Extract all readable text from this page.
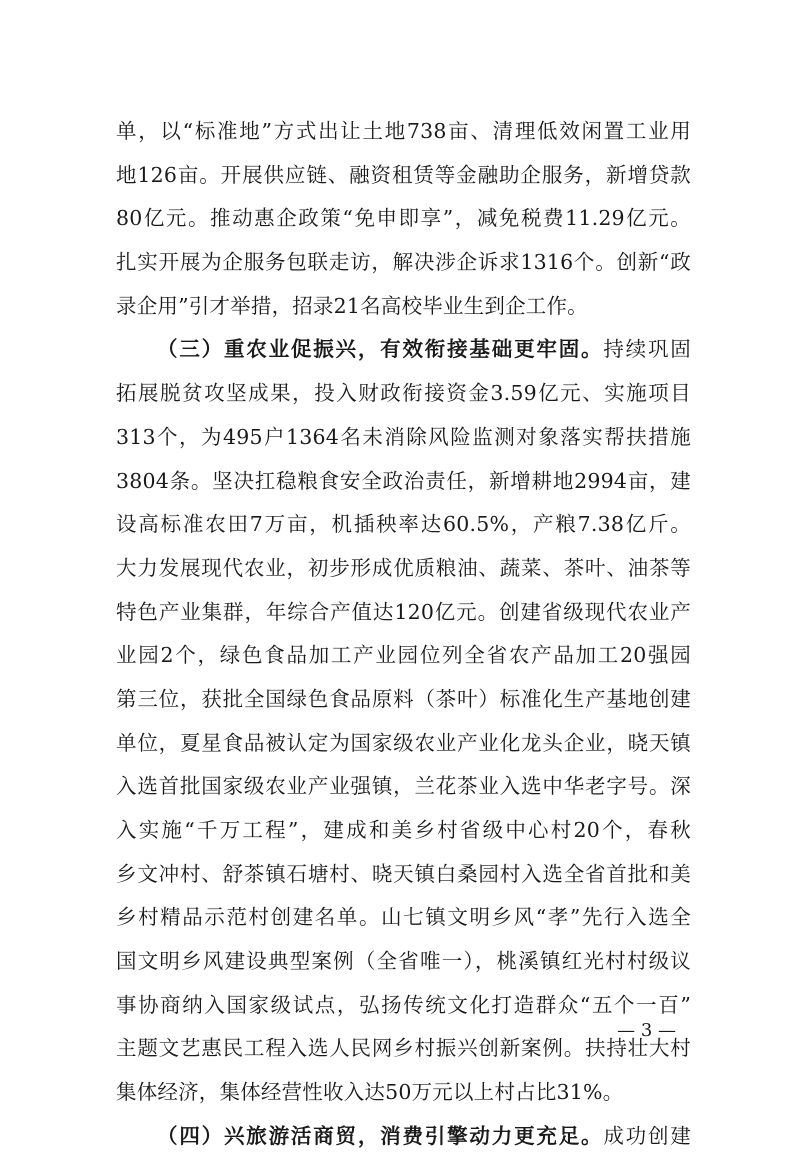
单，以“标准地”方式出让土地738亩、清理低效闲置工业用
地126亩。开展供应链、融资租赁等金融助企服务，新增贷款
80亿元。推动惠企政策“免申即享”，减免税费11.29亿元。
扎实开展为企服务包联走访，解决涉企诉求1316个。创新“政
录企用”引才举措，招录21名高校毕业生到企工作。
（三）重农业促振兴，有效衔接基础更牢固。持续巩固
拓展脱贫攻坚成果，投入财政衔接资金3.59亿元、实施项目
313个，为495户1364名未消除风险监测对象落实帮扶措施
3804条。坚决扛稳粮食安全政治责任，新增耕地2994亩，建
设高标准农田7万亩，机插秧率达60.5%，产粮7.38亿斤。
大力发展现代农业，初步形成优质粮油、蔬菜、茶叶、油茶等
特色产业集群，年综合产值达120亿元。创建省级现代农业产
业园2个，绿色食品加工产业园位列全省农产品加工20强园
第三位，获批全国绿色食品原料（茶叶）标准化生产基地创建
单位，夏星食品被认定为国家级农业产业化龙头企业，晓天镇
入选首批国家级农业产业强镇，兰花茶业入选中华老字号。深
入实施“千万工程”，建成和美乡村省级中心村20个，春秋
乡文冲村、舒茶镇石塘村、晓天镇白桑园村入选全省首批和美
乡村精品示范村创建名单。山七镇文明乡风“孝”先行入选全
国文明乡风建设典型案例（全省唯一），桃溪镇红光村村级议
事协商纳入国家级试点，弘扬传统文化打造群众“五个一百”
主题文艺惠民工程入选人民网乡村振兴创新案例。扶持壮大村
集体经济，集体经营性收入达50万元以上村占比31%。
（四）兴旅游活商贸，消费引擎动力更充足。成功创建
— 3 —
